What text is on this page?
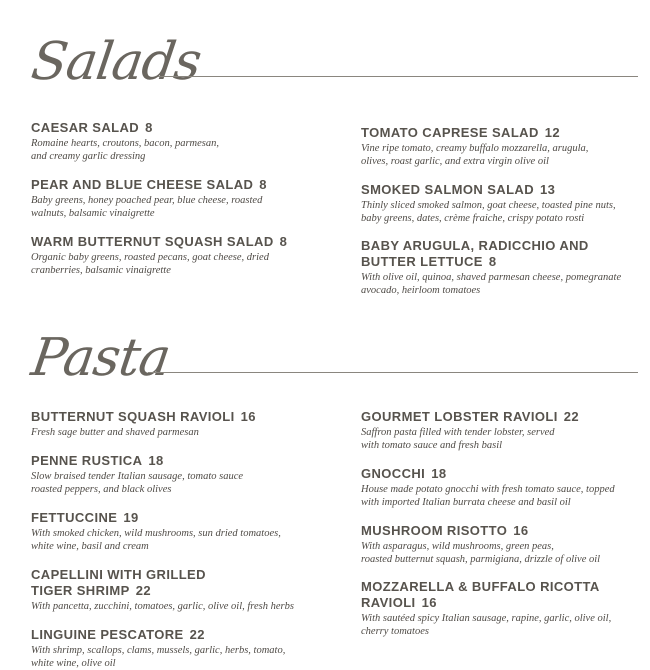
Salads
CAESAR SALAD 8
Romaine hearts, croutons, bacon, parmesan,
and creamy garlic dressing
PEAR AND BLUE CHEESE SALAD 8
Baby greens, honey poached pear, blue cheese, roasted
walnuts, balsamic vinaigrette
WARM BUTTERNUT SQUASH SALAD 8
Organic baby greens, roasted pecans, goat cheese, dried
cranberries, balsamic vinaigrette
TOMATO CAPRESE SALAD 12
Vine ripe tomato, creamy buffalo mozzarella, arugula,
olives, roast garlic, and extra virgin olive oil
SMOKED SALMON SALAD 13
Thinly sliced smoked salmon, goat cheese, toasted pine nuts,
baby greens, dates, crème fraiche, crispy potato rosti
BABY ARUGULA, RADICCHIO AND
BUTTER LETTUCE 8
With olive oil, quinoa, shaved parmesan cheese, pomegranate
avocado, heirloom tomatoes
Pasta
BUTTERNUT SQUASH RAVIOLI 16
Fresh sage butter and shaved parmesan
PENNE RUSTICA 18
Slow braised tender Italian sausage, tomato sauce
roasted peppers, and black olives
FETTUCCINE 19
With smoked chicken, wild mushrooms, sun dried tomatoes,
white wine, basil and cream
CAPELLINI WITH GRILLED
TIGER SHRIMP 22
With pancetta, zucchini, tomatoes, garlic, olive oil, fresh herbs
LINGUINE PESCATORE 22
With shrimp, scallops, clams, mussels, garlic, herbs, tomato,
white wine, olive oil
GOURMET LOBSTER RAVIOLI 22
Saffron pasta filled with tender lobster, served
with tomato sauce and fresh basil
GNOCCHI 18
House made potato gnocchi with fresh tomato sauce, topped
with imported Italian burrata cheese and basil oil
MUSHROOM RISOTTO 16
With asparagus, wild mushrooms, green peas,
roasted butternut squash, parmigiana, drizzle of olive oil
MOZZARELLA & BUFFALO RICOTTA
RAVIOLI 16
With sautéed spicy Italian sausage, rapine, garlic, olive oil,
cherry tomatoes
